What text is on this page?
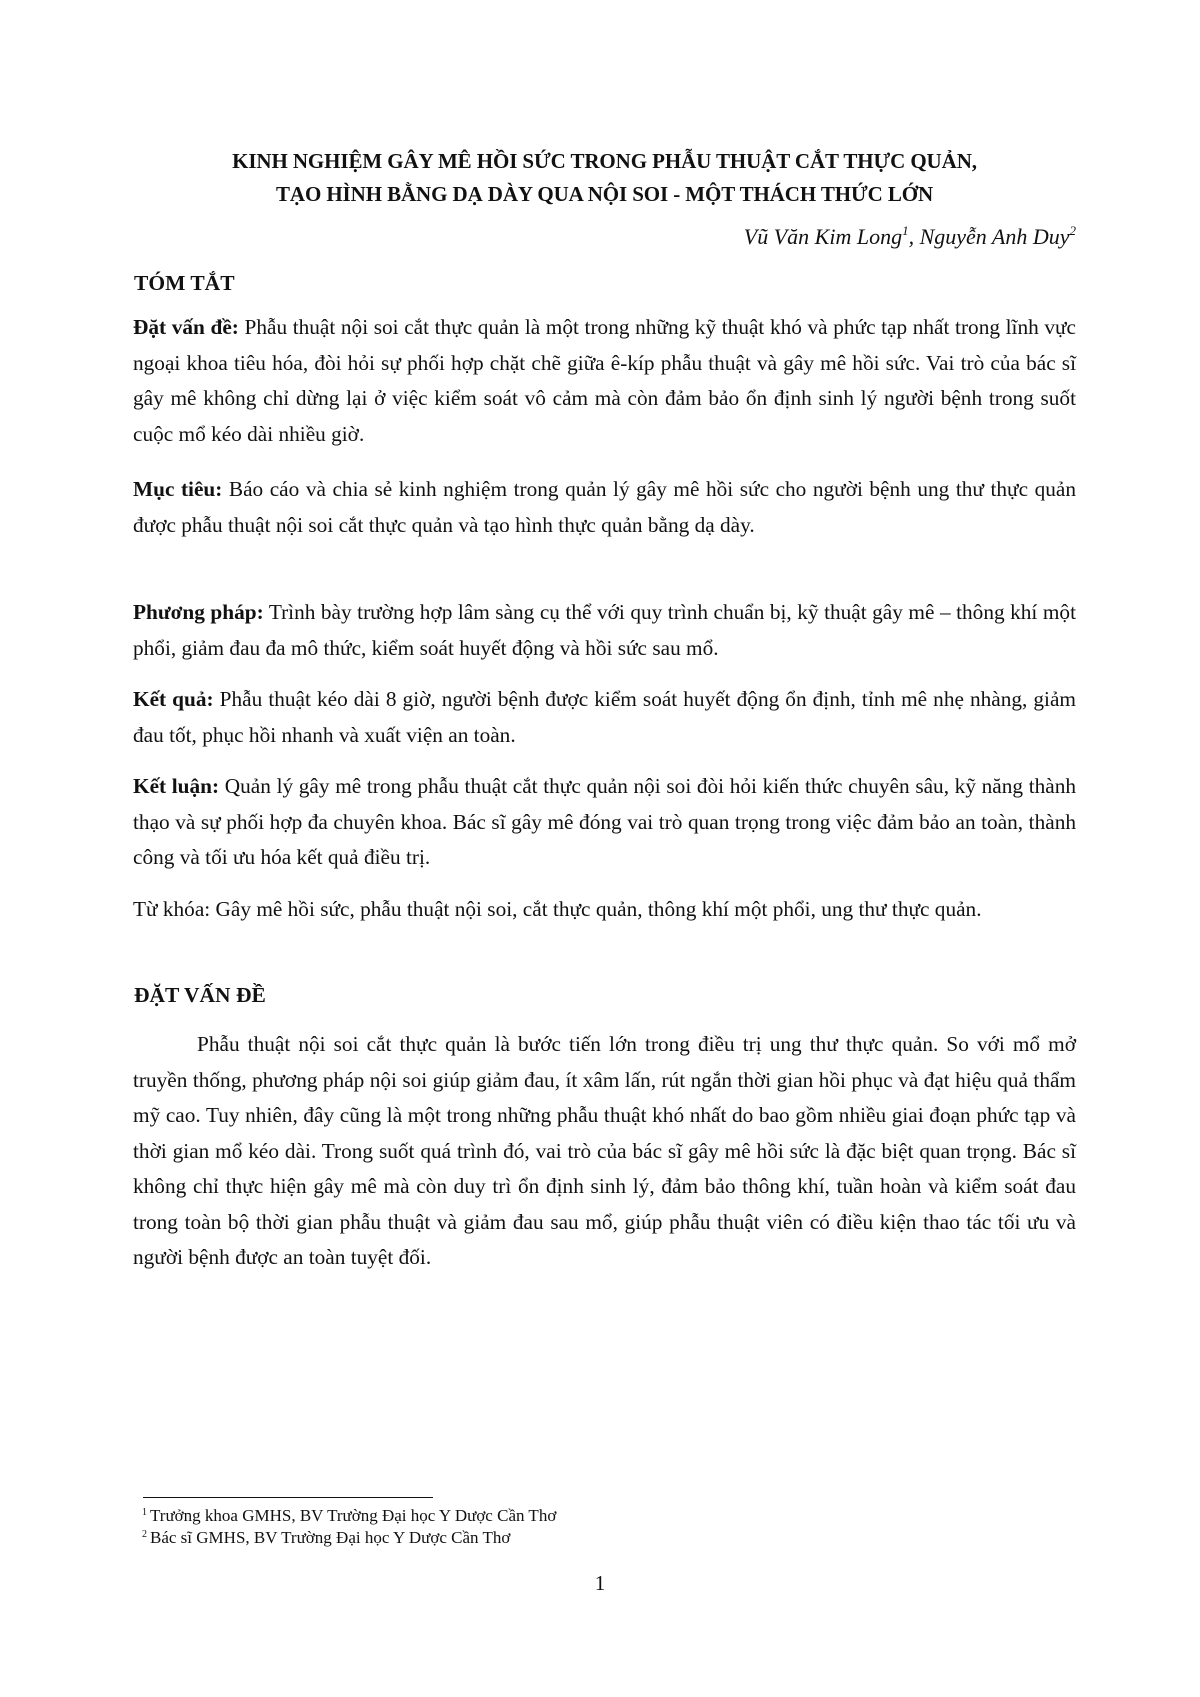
KINH NGHIỆM GÂY MÊ HỒI SỨC TRONG PHẪU THUẬT CẮT THỰC QUẢN,
TẠO HÌNH BẰNG DẠ DÀY QUA NỘI SOI - MỘT THÁCH THỨC LỚN
Vũ Văn Kim Long$^1$, Nguyễn Anh Duy$^2$
TÓM TẮT
Đặt vấn đề: Phẫu thuật nội soi cắt thực quản là một trong những kỹ thuật khó và phức tạp nhất trong lĩnh vực ngoại khoa tiêu hóa, đòi hỏi sự phối hợp chặt chẽ giữa ê-kíp phẫu thuật và gây mê hồi sức. Vai trò của bác sĩ gây mê không chỉ dừng lại ở việc kiểm soát vô cảm mà còn đảm bảo ổn định sinh lý người bệnh trong suốt cuộc mổ kéo dài nhiều giờ.
Mục tiêu: Báo cáo và chia sẻ kinh nghiệm trong quản lý gây mê hồi sức cho người bệnh ung thư thực quản được phẫu thuật nội soi cắt thực quản và tạo hình thực quản bằng dạ dày.
Phương pháp: Trình bày trường hợp lâm sàng cụ thể với quy trình chuẩn bị, kỹ thuật gây mê – thông khí một phổi, giảm đau đa mô thức, kiểm soát huyết động và hồi sức sau mổ.
Kết quả: Phẫu thuật kéo dài 8 giờ, người bệnh được kiểm soát huyết động ổn định, tỉnh mê nhẹ nhàng, giảm đau tốt, phục hồi nhanh và xuất viện an toàn.
Kết luận: Quản lý gây mê trong phẫu thuật cắt thực quản nội soi đòi hỏi kiến thức chuyên sâu, kỹ năng thành thạo và sự phối hợp đa chuyên khoa. Bác sĩ gây mê đóng vai trò quan trọng trong việc đảm bảo an toàn, thành công và tối ưu hóa kết quả điều trị.
Từ khóa: Gây mê hồi sức, phẫu thuật nội soi, cắt thực quản, thông khí một phổi, ung thư thực quản.
ĐẶT VẤN ĐỀ
Phẫu thuật nội soi cắt thực quản là bước tiến lớn trong điều trị ung thư thực quản. So với mổ mở truyền thống, phương pháp nội soi giúp giảm đau, ít xâm lấn, rút ngắn thời gian hồi phục và đạt hiệu quả thẩm mỹ cao. Tuy nhiên, đây cũng là một trong những phẫu thuật khó nhất do bao gồm nhiều giai đoạn phức tạp và thời gian mổ kéo dài. Trong suốt quá trình đó, vai trò của bác sĩ gây mê hồi sức là đặc biệt quan trọng. Bác sĩ không chỉ thực hiện gây mê mà còn duy trì ổn định sinh lý, đảm bảo thông khí, tuần hoàn và kiểm soát đau trong toàn bộ thời gian phẫu thuật và giảm đau sau mổ, giúp phẫu thuật viên có điều kiện thao tác tối ưu và người bệnh được an toàn tuyệt đối.
$^1$ Trưởng khoa GMHS, BV Trường Đại học Y Dược Cần Thơ
$^2$ Bác sĩ GMHS, BV Trường Đại học Y Dược Cần Thơ
1
